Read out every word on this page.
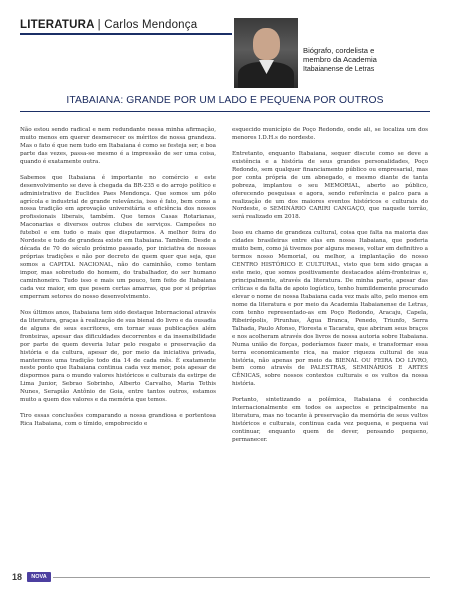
LITERATURA | Carlos Mendonça
Biógrafo, cordelista e
membro da Academia
Itabaianense de Letras
ITABAIANA: GRANDE POR UM LADO E PEQUENA POR OUTROS

Não estou sendo radical e nem redundante nessa minha afirmação, muito menos em querer desmerecer os méritos de nossa grandeza. Mas o fato é que nem tudo em Itabaiana é como se festeja ser, e boa parte das vezes, passa-se mesmo é a impressão de ser uma coisa, quando é exatamente outra.

Sabemos que Itabaiana é importante no comércio e este desenvolvimento se deve à chegada da BR-235 e do arrojo político e administrativo de Euclides Paes Mendonça. Que somos um pólo agrícola e industrial de grande relevância, isso é fato, bem como a nossa tradição em aprovação universitária e eficiência dos nossos profissionais liberais, também. Que temos Casas Rotarianas, Maconarias e diversos outros clubes de serviços. Campeões no futebol e em tudo o mais que disputarmos. A melhor feira do Nordeste e tudo de grandeza existe em Itabaiana. Também. Desde a década de 70 do século próximo passado, por iniciativa de nossas próprias tradições e não por decreto de quem quer que seja, que somos a CAPITAL NACIONAL, não do caminhão, como tentam impor, mas sobretudo do homem, do trabalhador, do ser humano caminhoneiro. Tudo isso e mais um pouco, tem feito de Itabaiana cada vez maior, em que pesem certas amarras, que por si próprias emperram setores do nosso desenvolvimento.

Nos últimos anos, Itabaiana tem sido destaque Internacional através da literatura, graças à realização de sua bienal do livro e da ousadia de alguns de seus escritores, em tornar suas publicações além fronteiras, apesar das dificuldades decorrentes e da insensibilidade por parte de quem deveria lutar pelo resgate e preservação da história e da cultura, apesar de, por meio da iniciativa privada, mantermos uma tradição todo dia 14 de cada mês. É exatamente neste ponto que Itabaiana continua cada vez menor, pois apesar de dispormos para o mundo valores históricos e culturais da estirpe de Lima Junior, Sebrao Sobrinho, Alberto Carvalho, Maria Tethis Nunes, Serapião Antônio de Goia, entre tantos outros, estamos muito a quem dos valores e da memória que temos.

Tiro essas conclusões comparando a nossa grandiosa e portentosa Rica Itabaiana, com o tímido, empobrecido e

esquecido município de Poço Redondo, onde ali, se localiza um dos menores I.D.H.s do nordeste.

Entretanto, enquanto Itabaiana, sequer discute como se deve a existência e a história de seus grandes personalidades, Poço Redondo, sem qualquer financiamento público ou empresarial, mas por conta própria de um abnegado, e mesmo diante de tanta pobreza, implantou o seu MEMORIAL, aberto ao público, oferecendo pesquisas e agora, sendo referência e palco para a realização de um dos maiores eventos históricos e culturais do Nordeste, o SEMINÁRIO CARIRI CANGAÇO, que naquele torrão, será realizado em 2018.

Isso eu chamo de grandeza cultural, coisa que falta na maioria das cidades brasileiras entre elas em nossa Itabaiana, que poderia muito bem, como já tivemos por alguns meses, voltar em definitivo a termos nosso Memorial, ou melhor, a implantação do nosso CENTRO HISTÓRICO E CULTURAL, visto que tem sido graças a este meio, que somos positivamente destacados além-fronteiras e, principalmente, através da literatura. De minha parte, apesar das críticas e da falta de apoio logístico, tenho humildemente procurado elevar o nome de nossa Itabaiana cada vez mais alto, pelo menos em nome da literatura e por meio da Academia Itabaianense de Letras, com tenho representado-as em Poço Redondo, Aracaju, Capela, Ribeirópolis, Pirunhas, Água Branca, Penedo, Triunfo, Serra Talhada, Paulo Afonso, Floresta e Tacaratu, que abriram seus braços e nos acolheram através dos livros de nossa autoria sobre Itabaiana. Numa união de forças, poderíamos fazer mais, e transformar essa terra economicamente rica, na maior riqueza cultural de sua história, não apenas por meio da BIENAL OU FEIRA DO LIVRO, bem como através de PALESTRAS, SEMINÁRIOS E ARTES CÊNICAS, sobre nossos contextos culturais e os vultos da nossa história.

Portanto, sintetizando a polêmica, Itabaiana é conhecida internacionalmente em todos os aspectos e principalmente na literatura, mas no tocante à preservação da memória de seus vultos históricos e culturais, continua cada vez pequena, e pequena vai continuar, enquanto quem de dever, pensando pequeno, permanecer.

18	NOVA
